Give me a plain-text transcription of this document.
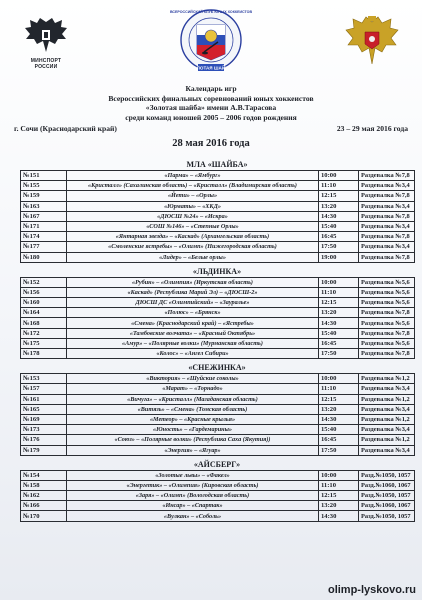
МИНСПОРТ РОССИИ	ЗОЛОТАЯ ШАЙБА
ВСЕРОССИЙСКИЙ КЛУБ ЮНЫХ ХОККЕИСТОВ
Календарь игр
Всероссийских финальных соревнований юных хоккеистов
«Золотая шайба» имени А.В.Тарасова
среди команд юношей 2005 – 2006 годов рождения
г. Сочи (Краснодарский край)	23 – 29 мая 2016 года
28 мая 2016 года
МЛА «ШАЙБА»
№151	«Парма» – «Ямбург»	10:00	Раздевалка №7,8
№155	«Кристалл» (Сахалинская область) – «Кристалл» (Владимирская область)	11:10	Раздевалка №3,4
№159	«Йети» – «Орлы»	12:15	Раздевалка №7,8
№163	«Юрматы» – «ХКД»	13:20	Раздевалка №3,4
№167	«ДЮСШ №24» – «Искра»	14:30	Раздевалка №7,8
№171	«СОШ №146» – «Степные Орлы»	15:40	Раздевалка №3,4
№174	«Янтарная звезда» – «Каскад» (Архангельская область)	16:45	Раздевалка №7,8
№177	«Смоленские ястребы» – «Олимп» (Нижегородская область)	17:50	Раздевалка №3,4
№180	«Лидер» – «Белые орлы»	19:00	Раздевалка №7,8
«ЛЬДИНКА»
№152	«Рубин» – «Олимпия» (Иркутская область)	10:00	Раздевалка №5,6
№156	«Каскад» (Республика Марий Эл) – «ДЮСШ-2»	11:10	Раздевалка №5,6
№160	ДЮСШ ДС «Олимпийский» – «Зауралье»	12:15	Раздевалка №5,6
№164	«Полюс» – «Брянск»	13:20	Раздевалка №7,8
№168	«Смена» (Краснодарский край) – «Ястребы»	14:30	Раздевалка №5,6
№172	«Тамбовские волчата» – «Красный Октябрь»	15:40	Раздевалка №7,8
№175	«Амур» – «Полярные волки» (Мурманская область)	16:45	Раздевалка №5,6
№178	«Колос» – «Ангел Сибири»	17:50	Раздевалка №7,8
«СНЕЖИНКА»
№153	«Виктория» – «Шуйские соколы»	10:00	Раздевалка №1,2
№157	«Марат» – «Торнадо»	11:10	Раздевалка №3,4
№161	«Вичуга» – «Кристалл» (Магаданская область)	12:15	Раздевалка №1,2
№165	«Витязь» – «Смена» (Томская область)	13:20	Раздевалка №3,4
№169	«Метеор» – «Красные крылья»	14:30	Раздевалка №1,2
№173	«Юность» – «Гардемарины»	15:40	Раздевалка №3,4
№176	«Союз» – «Полярные волки» (Республика Саха (Якутия))	16:45	Раздевалка №1,2
№179	«Энергия» – «Ягуар»	17:50	Раздевалка №3,4
«АЙСБЕРГ»
№154	«Золотые львы» – «Факел»	10:00	Разд.№1050, 1057
№158	«Энергетик» – «Олимпия» (Кировская область)	11:10	Разд.№1060, 1067
№162	«Заря» – «Олимп» (Вологодская область)	12:15	Разд.№1050, 1057
№166	«Инсар» – «Спартак»	13:20	Разд.№1060, 1067
№170	«Вулкан» – «Соболь»	14:30	Разд.№1050, 1057
olimp-lyskovo.ru
